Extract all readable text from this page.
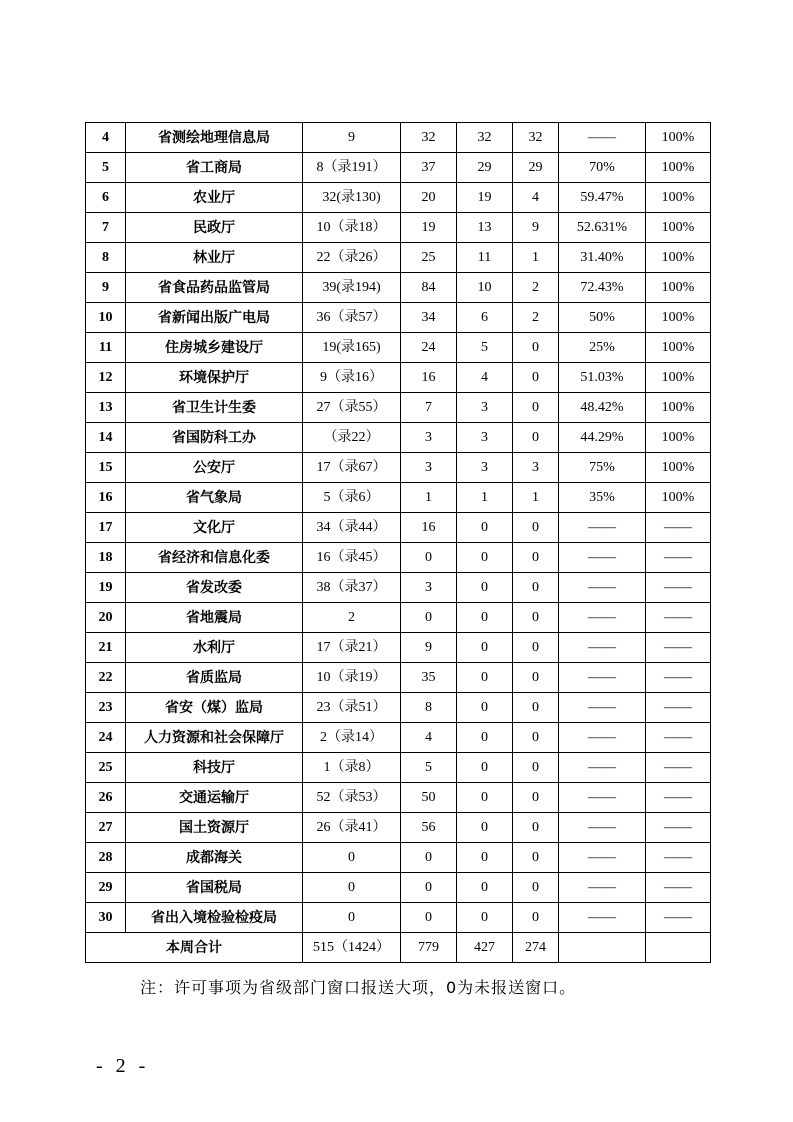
4	省测绘地理信息局	9	32	32	32	——	100%
5	省工商局	8（录191）	37	29	29	70%	100%
6	农业厅	32(录130)	20	19	4	59.47%	100%
7	民政厅	10（录18）	19	13	9	52.631%	100%
8	林业厅	22（录26）	25	11	1	31.40%	100%
9	省食品药品监管局	39(录194)	84	10	2	72.43%	100%
10	省新闻出版广电局	36（录57）	34	6	2	50%	100%
11	住房城乡建设厅	19(录165)	24	5	0	25%	100%
12	环境保护厅	9（录16）	16	4	0	51.03%	100%
13	省卫生计生委	27（录55）	7	3	0	48.42%	100%
14	省国防科工办	（录22）	3	3	0	44.29%	100%
15	公安厅	17（录67）	3	3	3	75%	100%
16	省气象局	5（录6）	1	1	1	35%	100%
17	文化厅	34（录44）	16	0	0	——	——
18	省经济和信息化委	16（录45）	0	0	0	——	——
19	省发改委	38（录37）	3	0	0	——	——
20	省地震局	2	0	0	0	——	——
21	水利厅	17（录21）	9	0	0	——	——
22	省质监局	10（录19）	35	0	0	——	——
23	省安（煤）监局	23（录51）	8	0	0	——	——
24	人力资源和社会保障厅	2（录14）	4	0	0	——	——
25	科技厅	1（录8）	5	0	0	——	——
26	交通运输厅	52（录53）	50	0	0	——	——
27	国土资源厅	26（录41）	56	0	0	——	——
28	成都海关	0	0	0	0	——	——
29	省国税局	0	0	0	0	——	——
30	省出入境检验检疫局	0	0	0	0	——	——
本周合计		515（1424）	779	427	274		
注：许可事项为省级部门窗口报送大项，0为未报送窗口。
- 2 -
